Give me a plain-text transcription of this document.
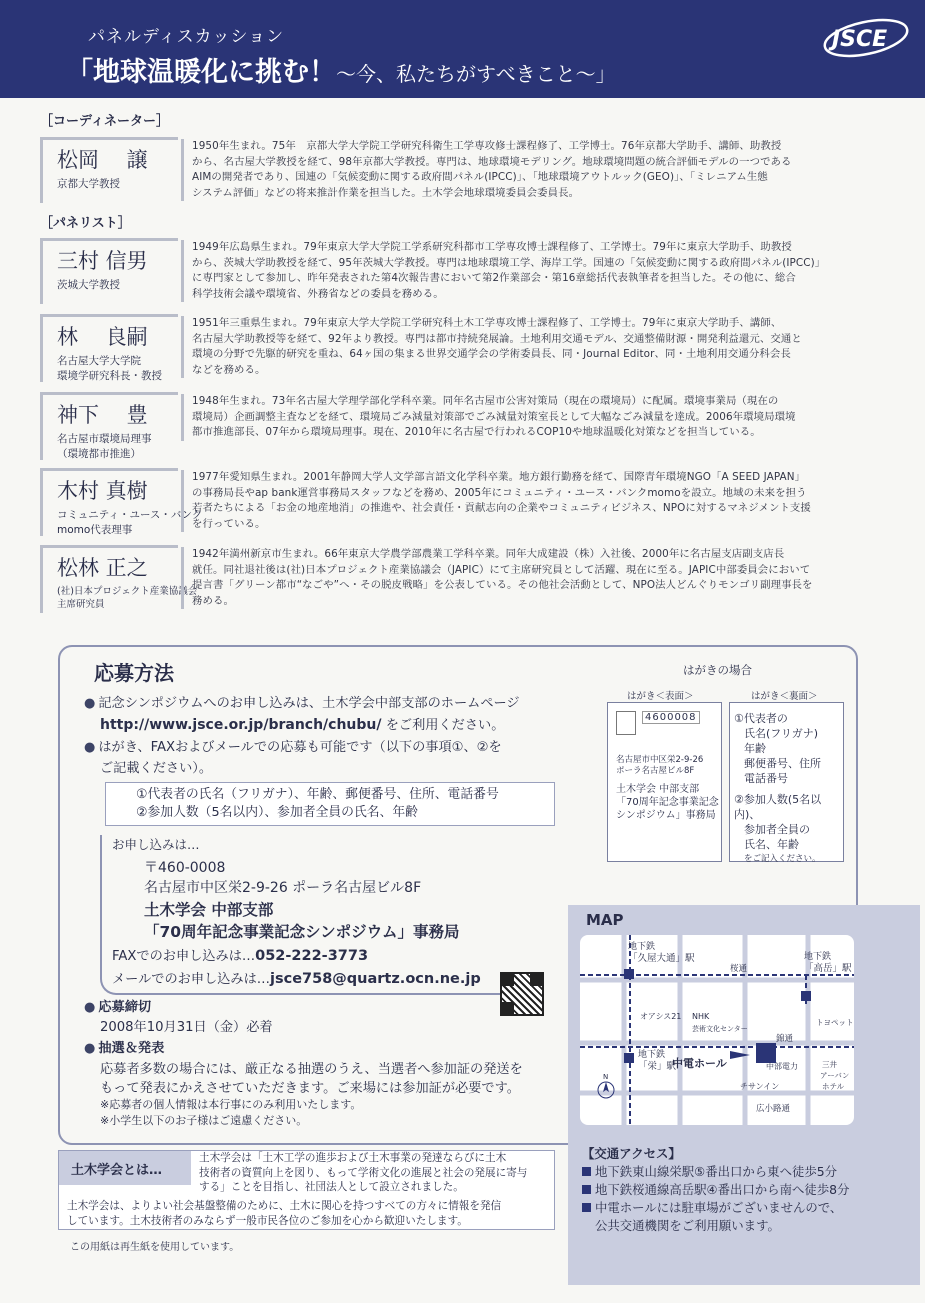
パネルディスカッション
「地球温暖化に挑む！～今、私たちがすべきこと～」
JSCE
［コーディネーター］
［パネリスト］
松岡　 譲
京都大学教授
1950年生まれ。75年　京都大学大学院工学研究科衛生工学専攻修士課程修了、工学博士。76年京都大学助手、講師、助教授
から、名古屋大学教授を経て、98年京都大学教授。専門は、地球環境モデリング。地球環境問題の統合評価モデルの一つである
AIMの開発者であり、国連の「気候変動に関する政府間パネル(IPCC)」、「地球環境アウトルック(GEO)」、「ミレニアム生態
システム評価」などの将来推計作業を担当した。土木学会地球環境委員会委員長。
三村 信男
茨城大学教授
1949年広島県生まれ。79年東京大学大学院工学系研究科都市工学専攻博士課程修了、工学博士。79年に東京大学助手、助教授
から、茨城大学助教授を経て、95年茨城大学教授。専門は地球環境工学、海岸工学。国連の「気候変動に関する政府間パネル(IPCC)」
に専門家として参加し、昨年発表された第4次報告書において第2作業部会・第16章総括代表執筆者を担当した。その他に、総合
科学技術会議や環境省、外務省などの委員を務める。
林 　良嗣
名古屋大学大学院
環境学研究科長・教授
1951年三重県生まれ。79年東京大学大学院工学研究科土木工学専攻博士課程修了、工学博士。79年に東京大学助手、講師、
名古屋大学助教授等を経て、92年より教授。専門は都市持続発展論。土地利用交通モデル、交通整備財源・開発利益還元、交通と
環境の分野で先駆的研究を重ね、64ヶ国の集まる世界交通学会の学術委員長、同・Journal Editor、同・土地利用交通分科会長
などを務める。
神下　 豊
名古屋市環境局理事
（環境都市推進）
1948年生まれ。73年名古屋大学理学部化学科卒業。同年名古屋市公害対策局（現在の環境局）に配属。環境事業局（現在の
環境局）企画調整主査などを経て、環境局ごみ減量対策部でごみ減量対策室長として大幅なごみ減量を達成。2006年環境局環境
都市推進部長、07年から環境局理事。現在、2010年に名古屋で行われるCOP10や地球温暖化対策などを担当している。
木村 真樹
コミュニティ・ユース・バンク
momo代表理事
1977年愛知県生まれ。2001年静岡大学人文学部言語文化学科卒業。地方銀行勤務を経て、国際青年環境NGO「A SEED JAPAN」
の事務局長やap bank運営事務局スタッフなどを務め、2005年にコミュニティ・ユース・バンクmomoを設立。地域の未来を担う
若者たちによる「お金の地産地消」の推進や、社会責任・貢献志向の企業やコミュニティビジネス、NPOに対するマネジメント支援
を行っている。
松林 正之
(社)日本プロジェクト産業協議会
主席研究員
1942年満州新京市生まれ。66年東京大学農学部農業工学科卒業。同年大成建設（株）入社後、2000年に名古屋支店副支店長
就任。同社退社後は(社)日本プロジェクト産業協議会（JAPIC）にて主席研究員として活躍、現在に至る。JAPIC中部委員会において
提言書「グリーン都市“なごや”へ・その脱皮戦略」を公表している。その他社会活動として、NPO法人どんぐりモンゴリ副理事長を
務める。
応募方法
● 記念シンポジウムへのお申し込みは、土木学会中部支部のホームページ
http://www.jsce.or.jp/branch/chubu/ をご利用ください。
● はがき、FAXおよびメールでの応募も可能です（以下の事項①、②を
ご記載ください）。
①代表者の氏名（フリガナ）、年齢、郵便番号、住所、電話番号
②参加人数（5名以内）、参加者全員の氏名、年齢
お申し込みは…
〒460-0008
名古屋市中区栄2-9-26 ポーラ名古屋ビル8F
土木学会 中部支部
「70周年記念事業記念シンポジウム」事務局
FAXでのお申し込みは…052-222-3773
メールでのお申し込みは…jsce758@quartz.ocn.ne.jp
● 応募締切
2008年10月31日（金）必着
● 抽選＆発表
応募者多数の場合には、厳正なる抽選のうえ、当選者へ参加証の発送を
もって発表にかえさせていただきます。ご来場には参加証が必要です。
※応募者の個人情報は本行事にのみ利用いたします。
※小学生以下のお子様はご遠慮ください。
はがきの場合
はがき＜表面＞	はがき＜裏面＞
4600008
名古屋市中区栄2-9-26
ポーラ名古屋ビル8F
土木学会 中部支部
「70周年記念事業記念
シンポジウム」事務局
①代表者の
氏名(フリガナ)
年齢
郵便番号、住所
電話番号
②参加人数(5名以内)、
参加者全員の
氏名、年齢
をご記入ください。
MAP
地下鉄
「久屋大通」駅
桜通
地下鉄
「高岳」駅
オアシス21 NHK
芸術文化センター
トヨペット
錦通
地下鉄
「栄」駅
中電ホール	中部電力	三井
アーバン
ホテル
チサンイン
広小路通
N
【交通アクセス】
地下鉄東山線栄駅⑤番出口から東へ徒歩5分
地下鉄桜通線高岳駅④番出口から南へ徒歩8分
中電ホールには駐車場がございませんので、
公共交通機関をご利用願います。
土木学会とは…
土木学会は「土木工学の進歩および土木事業の発達ならびに土木
技術者の資質向上を図り、もって学術文化の進展と社会の発展に寄与
する」ことを目指し、社団法人として設立されました。
土木学会は、よりよい社会基盤整備のために、土木に関心を持つすべての方々に情報を発信
しています。土木技術者のみならず一般市民各位のご参加を心から歓迎いたします。
この用紙は再生紙を使用しています。
